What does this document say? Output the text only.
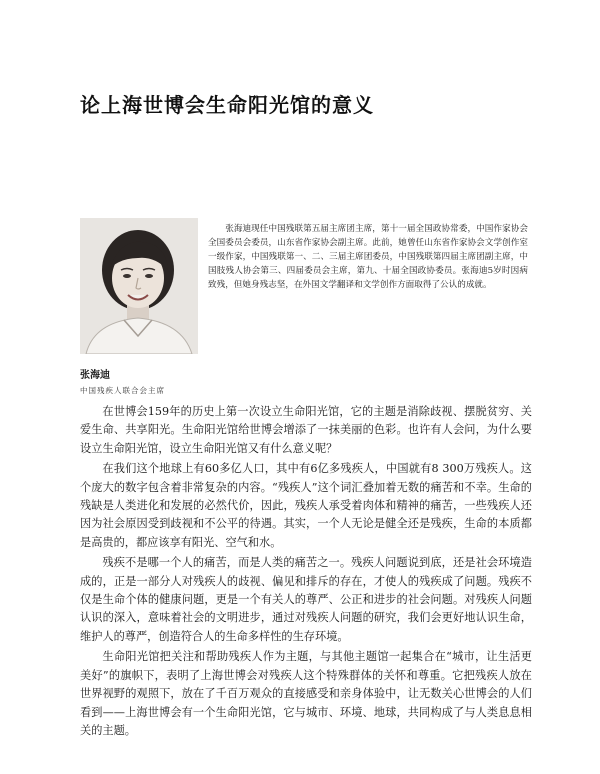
论上海世博会生命阳光馆的意义

张海迪现任中国残联第五届主席团主席，第十一届全国政协常委，中国作家协会全国委员会委员，山东省作家协会副主席。此前，她曾任山东省作家协会文学创作室一级作家，中国残联第一、二、三届主席团委员，中国残联第四届主席团副主席，中国肢残人协会第三、四届委员会主席，第九、十届全国政协委员。张海迪5岁时因病致残，但她身残志坚，在外国文学翻译和文学创作方面取得了公认的成就。

张海迪
中国残疾人联合会主席

在世博会159年的历史上第一次设立生命阳光馆，它的主题是消除歧视、摆脱贫穷、关爱生命、共享阳光。生命阳光馆给世博会增添了一抹美丽的色彩。也许有人会问，为什么要设立生命阳光馆，设立生命阳光馆又有什么意义呢？

在我们这个地球上有60多亿人口，其中有6亿多残疾人，中国就有8 300万残疾人。这个庞大的数字包含着非常复杂的内容。“残疾人”这个词汇叠加着无数的痛苦和不幸。生命的残缺是人类进化和发展的必然代价，因此，残疾人承受着肉体和精神的痛苦，一些残疾人还因为社会原因受到歧视和不公平的待遇。其实，一个人无论是健全还是残疾，生命的本质都是高贵的，都应该享有阳光、空气和水。

残疾不是哪一个人的痛苦，而是人类的痛苦之一。残疾人问题说到底，还是社会环境造成的，正是一部分人对残疾人的歧视、偏见和排斥的存在，才使人的残疾成了问题。残疾不仅是生命个体的健康问题，更是一个有关人的尊严、公正和进步的社会问题。对残疾人问题认识的深入，意味着社会的文明进步，通过对残疾人问题的研究，我们会更好地认识生命，维护人的尊严，创造符合人的生命多样性的生存环境。

生命阳光馆把关注和帮助残疾人作为主题，与其他主题馆一起集合在“城市，让生活更美好”的旗帜下，表明了上海世博会对残疾人这个特殊群体的关怀和尊重。它把残疾人放在世界视野的观照下，放在了千百万观众的直接感受和亲身体验中，让无数关心世博会的人们看到——上海世博会有一个生命阳光馆，它与城市、环境、地球，共同构成了与人类息息相关的主题。
